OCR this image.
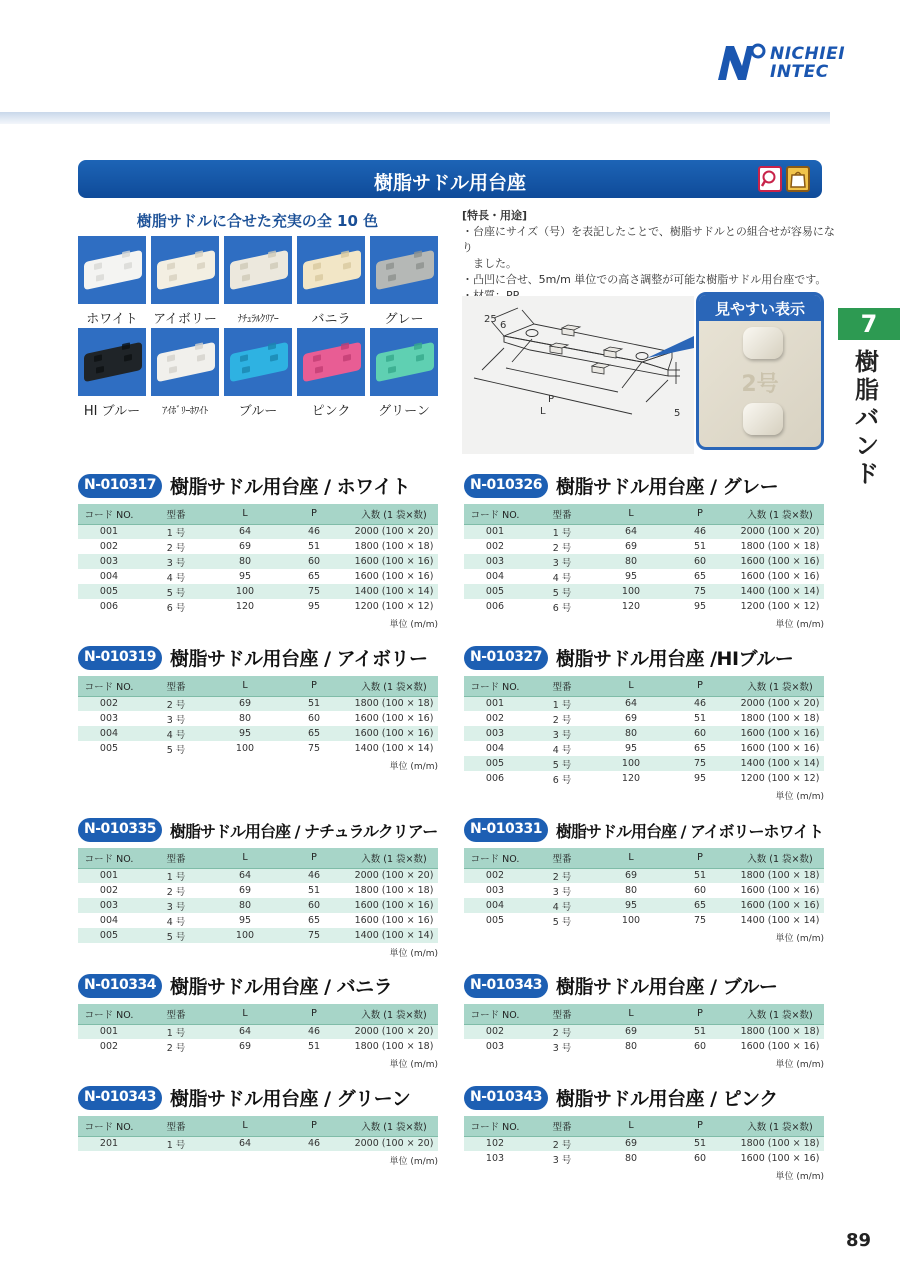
NICHIEI
INTEC
樹脂サドル用台座
樹脂サドルに合せた充実の全 10 色
ホワイト	アイボリー	ﾅﾁｭﾗﾙｸﾘｱｰ	バニラ	グレー
HI ブルー	ｱｲﾎﾞﾘｰﾎﾜｲﾄ	ブルー	ピンク	グリーン
[特長・用途]
・台座にサイズ（号）を表記したことで、樹脂サドルとの組合せが容易になり
　ました。
・凸凹に合せ、5m/m 単位での高さ調整が可能な樹脂サドル用台座です。
25
6
P
L	5
見やすい表示
2号
7
樹
脂
バ
ン
ド
N-010317 樹脂サドル用台座 / ホワイト
コード NO.	型番	L	P	入数 (1 袋×数)
001	1 号	64	46	2000 (100 × 20)
002	2 号	69	51	1800 (100 × 18)
003	3 号	80	60	1600 (100 × 16)
004	4 号	95	65	1600 (100 × 16)
005	5 号	100	75	1400 (100 × 14)
006	6 号	120	95	1200 (100 × 12)
単位 (m/m)
N-010326 樹脂サドル用台座 / グレー
コード NO.	型番	L	P	入数 (1 袋×数)
001	1 号	64	46	2000 (100 × 20)
002	2 号	69	51	1800 (100 × 18)
003	3 号	80	60	1600 (100 × 16)
004	4 号	95	65	1600 (100 × 16)
005	5 号	100	75	1400 (100 × 14)
006	6 号	120	95	1200 (100 × 12)
単位 (m/m)
N-010319 樹脂サドル用台座 / アイボリー
コード NO.	型番	L	P	入数 (1 袋×数)
002	2 号	69	51	1800 (100 × 18)
003	3 号	80	60	1600 (100 × 16)
004	4 号	95	65	1600 (100 × 16)
005	5 号	100	75	1400 (100 × 14)
単位 (m/m)
N-010327 樹脂サドル用台座 /HIブルー
コード NO.	型番	L	P	入数 (1 袋×数)
001	1 号	64	46	2000 (100 × 20)
002	2 号	69	51	1800 (100 × 18)
003	3 号	80	60	1600 (100 × 16)
004	4 号	95	65	1600 (100 × 16)
005	5 号	100	75	1400 (100 × 14)
006	6 号	120	95	1200 (100 × 12)
単位 (m/m)
N-010335 樹脂サドル用台座 / ナチュラルクリアー
コード NO.	型番	L	P	入数 (1 袋×数)
001	1 号	64	46	2000 (100 × 20)
002	2 号	69	51	1800 (100 × 18)
003	3 号	80	60	1600 (100 × 16)
004	4 号	95	65	1600 (100 × 16)
005	5 号	100	75	1400 (100 × 14)
単位 (m/m)
N-010331 樹脂サドル用台座 / アイボリーホワイト
コード NO.	型番	L	P	入数 (1 袋×数)
002	2 号	69	51	1800 (100 × 18)
003	3 号	80	60	1600 (100 × 16)
004	4 号	95	65	1600 (100 × 16)
005	5 号	100	75	1400 (100 × 14)
単位 (m/m)
N-010334 樹脂サドル用台座 / バニラ
コード NO.	型番	L	P	入数 (1 袋×数)
001	1 号	64	46	2000 (100 × 20)
002	2 号	69	51	1800 (100 × 18)
単位 (m/m)
N-010343 樹脂サドル用台座 / ブルー
コード NO.	型番	L	P	入数 (1 袋×数)
002	2 号	69	51	1800 (100 × 18)
003	3 号	80	60	1600 (100 × 16)
単位 (m/m)
N-010343 樹脂サドル用台座 / グリーン
コード NO.	型番	L	P	入数 (1 袋×数)
201	1 号	64	46	2000 (100 × 20)
単位 (m/m)
N-010343 樹脂サドル用台座 / ピンク
コード NO.	型番	L	P	入数 (1 袋×数)
102	2 号	69	51	1800 (100 × 18)
103	3 号	80	60	1600 (100 × 16)
単位 (m/m)
89
